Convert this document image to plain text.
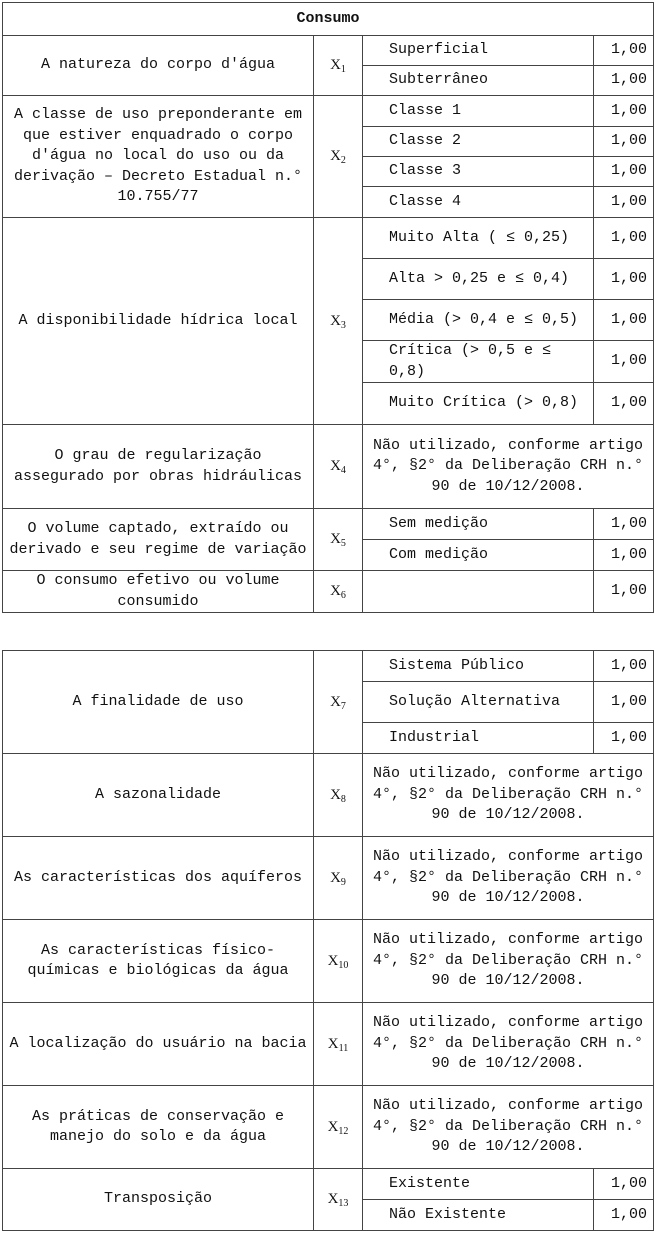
Consumo			
A natureza do corpo d'água	$X_1$	Superficial	1,00
		Subterrâneo	1,00
A classe de uso preponderante em que estiver enquadrado o corpo d'água no local do uso ou da derivação – Decreto Estadual n.° 10.755/77	$X_2$	Classe 1	1,00
		Classe 2	1,00
		Classe 3	1,00
		Classe 4	1,00
A disponibilidade hídrica local	$X_3$	Muito Alta ( ≤ 0,25)	1,00
		Alta > 0,25 e ≤ 0,4)	1,00
		Média (> 0,4 e ≤ 0,5)	1,00
		Crítica (> 0,5 e ≤ 0,8)	1,00
		Muito Crítica (> 0,8)	1,00
O grau de regularização assegurado por obras hidráulicas	$X_4$	Não utilizado, conforme artigo 4°, §2° da Deliberação CRH n.° 90 de 10/12/2008.	
O volume captado, extraído ou derivado e seu regime de variação	$X_5$	Sem medição	1,00
		Com medição	1,00
O consumo efetivo ou volume consumido	$X_6$		1,00
A finalidade de uso	$X_7$	Sistema Público	1,00
		Solução Alternativa	1,00
		Industrial	1,00
A sazonalidade	$X_8$	Não utilizado, conforme artigo 4°, §2° da Deliberação CRH n.° 90 de 10/12/2008.	
As características dos aquíferos	$X_9$	Não utilizado, conforme artigo 4°, §2° da Deliberação CRH n.° 90 de 10/12/2008.	
As características físico-químicas e biológicas da água	$X_{10}$	Não utilizado, conforme artigo 4°, §2° da Deliberação CRH n.° 90 de 10/12/2008.	
A localização do usuário na bacia	$X_{11}$	Não utilizado, conforme artigo 4°, §2° da Deliberação CRH n.° 90 de 10/12/2008.	
As práticas de conservação e manejo do solo e da água	$X_{12}$	Não utilizado, conforme artigo 4°, §2° da Deliberação CRH n.° 90 de 10/12/2008.	
Transposição	$X_{13}$	Existente	1,00
		Não Existente	1,00
